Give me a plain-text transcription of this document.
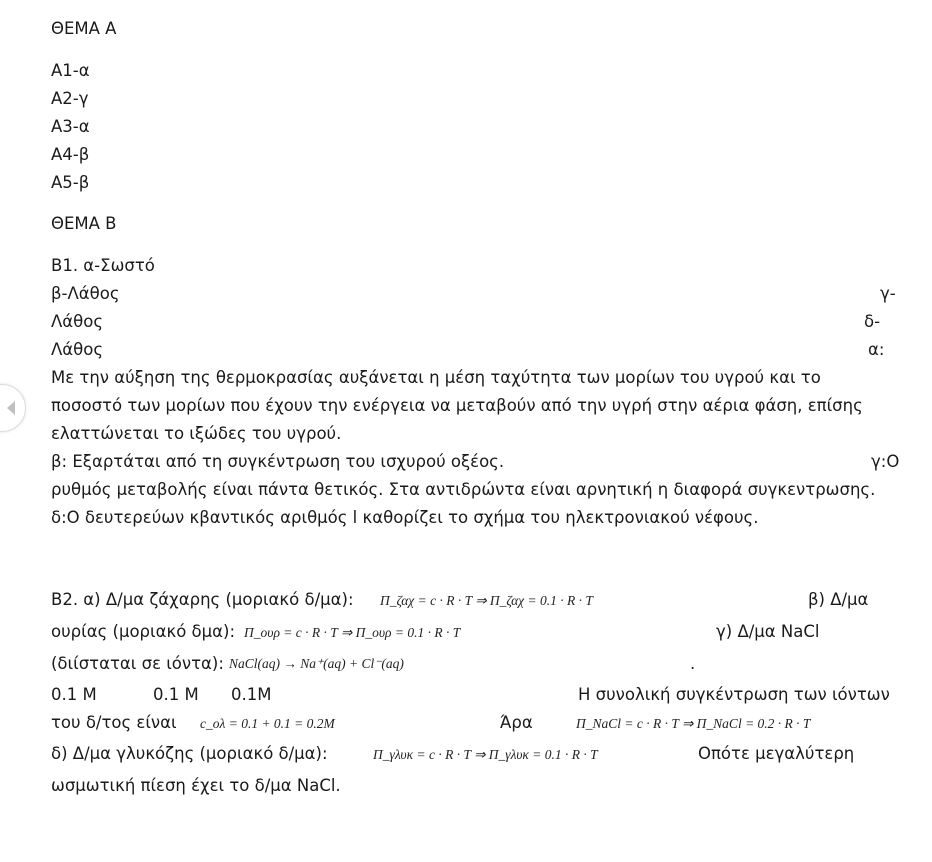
ΘΕΜΑ Α
Α1-α
Α2-γ
Α3-α
Α4-β
Α5-β
ΘΕΜΑ Β
Β1. α-Σωστό
β-Λάθος	γ-
Λάθος	δ-
Λάθος	α:
Με την αύξηση της θερμοκρασίας αυξάνεται η μέση ταχύτητα των μορίων του υγρού και το
ποσοστό των μορίων που έχουν την ενέργεια να μεταβούν από την υγρή στην αέρια φάση, επίσης
ελαττώνεται το ιξώδες του υγρού.
β: Εξαρτάται από τη συγκέντρωση του ισχυρού οξέος.	γ:Ο
ρυθμός μεταβολής είναι πάντα θετικός. Στα αντιδρώντα είναι αρνητική η διαφορά συγκεντρωσης.
δ:Ο δευτερεύων κβαντικός αριθμός l καθορίζει το σχήμα του ηλεκτρονιακού νέφους.
Β2. α) Δ/μα ζάχαρης (μοριακό δ/μα): Π_ζαχ = c · R · T ⇒ Π_ζαχ = 0.1 · R · T	β) Δ/μα
ουρίας (μοριακό δμα): Π_ουρ = c · R · T ⇒ Π_ουρ = 0.1 · R · T	γ) Δ/μα NaCl
(διίσταται σε ιόντα): NaCl(aq) → Na⁺(aq) + Cl⁻(aq)	.
0.1 M	0.1 M 0.1M	Η συνολική συγκέντρωση των ιόντων
του δ/τος είναι c_ολ = 0.1 + 0.1 = 0.2M	Άρα	Π_NaCl = c · R · T ⇒ Π_NaCl = 0.2 · R · T
δ) Δ/μα γλυκόζης (μοριακό δ/μα):	Π_γλυκ = c · R · T ⇒ Π_γλυκ = 0.1 · R · T	Οπότε μεγαλύτερη
ωσμωτική πίεση έχει το δ/μα NaCl.
